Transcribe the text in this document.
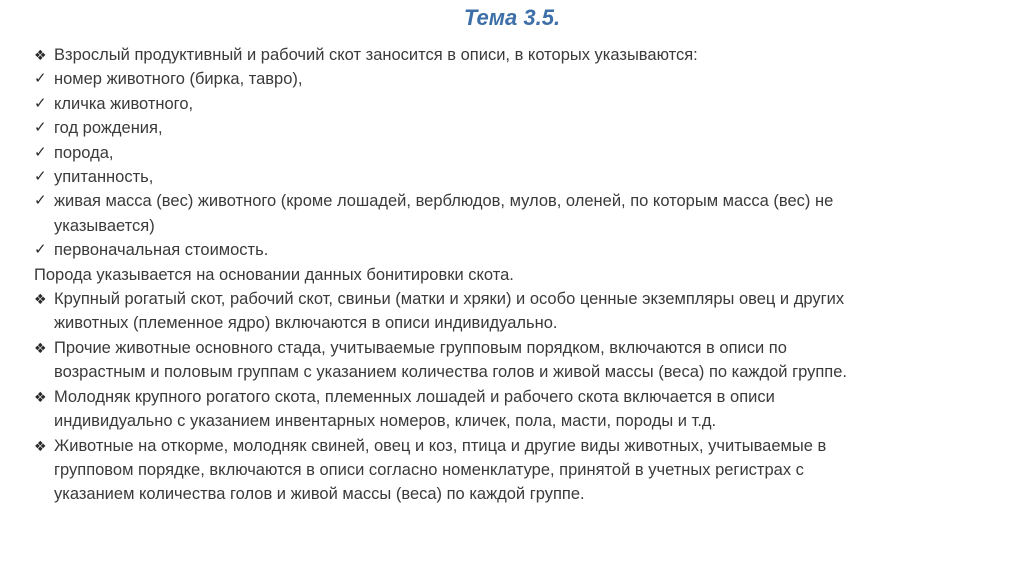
Тема 3.5.
❖ Взрослый продуктивный и рабочий скот заносится в описи, в которых указываются:
✓ номер животного (бирка, тавро),
✓ кличка животного,
✓ год рождения,
✓ порода,
✓ упитанность,
✓ живая масса (вес) животного (кроме лошадей, верблюдов, мулов, оленей, по которым масса (вес) не
указывается)
✓ первоначальная стоимость.
Порода указывается на основании данных бонитировки скота.
❖ Крупный рогатый скот, рабочий скот, свиньи (матки и хряки) и особо ценные экземпляры овец и других
животных (племенное ядро) включаются в описи индивидуально.
❖ Прочие животные основного стада, учитываемые групповым порядком, включаются в описи по
возрастным и половым группам с указанием количества голов и живой массы (веса) по каждой группе.
❖ Молодняк крупного рогатого скота, племенных лошадей и рабочего скота включается в описи
индивидуально с указанием инвентарных номеров, кличек, пола, масти, породы и т.д.
❖ Животные на откорме, молодняк свиней, овец и коз, птица и другие виды животных, учитываемые в
групповом порядке, включаются в описи согласно номенклатуре, принятой в учетных регистрах с
указанием количества голов и живой массы (веса) по каждой группе.
